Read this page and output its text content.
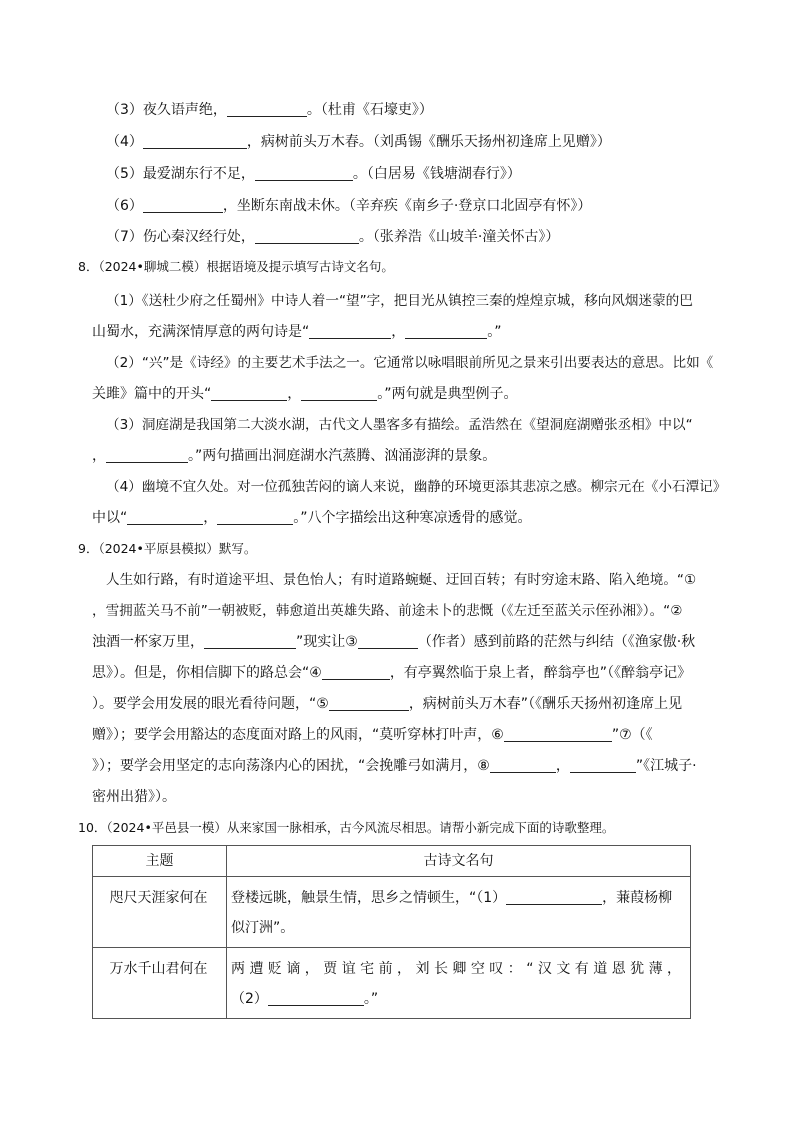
（3）夜久语声绝，	。（杜甫《石壕吏》）
（4）	，病树前头万木春。（刘禹锡《酬乐天扬州初逢席上见赠》）
（5）最爱湖东行不足，	。（白居易《钱塘湖春行》）
（6）	，坐断东南战未休。（辛弃疾《南乡子·登京口北固亭有怀》）
（7）伤心秦汉经行处，	。（张养浩《山坡羊·潼关怀古》）
8．（2024•聊城二模）根据语境及提示填写古诗文名句。
（1）《送杜少府之任蜀州》中诗人着一“望”字，把目光从镇控三秦的煌煌京城，移向风烟迷蒙的巴
山蜀水，充满深情厚意的两句诗是“	，	。”
（2）“兴”是《诗经》的主要艺术手法之一。它通常以咏唱眼前所见之景来引出要表达的意思。比如《
关雎》篇中的开头“	，	。”两句就是典型例子。
（3）洞庭湖是我国第二大淡水湖，古代文人墨客多有描绘。孟浩然在《望洞庭湖赠张丞相》中以“
，	。”两句描画出洞庭湖水汽蒸腾、汹涌澎湃的景象。
（4）幽境不宜久处。对一位孤独苦闷的谪人来说，幽静的环境更添其悲凉之感。柳宗元在《小石潭记》
中以“	，	。”八个字描绘出这种寒凉透骨的感觉。
9．（2024•平原县模拟）默写。
人生如行路，有时道途平坦、景色怡人；有时道路蜿蜒、迂回百转；有时穷途末路、陷入绝境。“①
，雪拥蓝关马不前”一朝被贬，韩愈道出英雄失路、前途未卜的悲慨（《左迁至蓝关示侄孙湘》）。“②
浊酒一杯家万里，	”现实让③	（作者）感到前路的茫然与纠结（《渔家傲·秋
思》）。但是，你相信脚下的路总会“④	，有亭翼然临于泉上者，醉翁亭也”（《醉翁亭记》
）。要学会用发展的眼光看待问题，“⑤	，病树前头万木春”（《酬乐天扬州初逢席上见
赠》）；要学会用豁达的态度面对路上的风雨，“莫听穿林打叶声，⑥	”⑦（《
》）；要学会用坚定的志向荡涤内心的困扰，“会挽雕弓如满月，⑧	，	”《江城子·
密州出猎》）。
10．（2024•平邑县一模）从来家国一脉相承，古今风流尽相思。请帮小新完成下面的诗歌整理。
主题	古诗文名句

咫尺天涯家何在	登楼远眺，触景生情，思乡之情顿生，“（1） ，蒹葭杨柳似汀洲”。

万水千山君何在	两 遭 贬 谪 ， 贾 谊 宅 前 ， 刘 长 卿 空 叹 ： “ 汉 文 有 道 恩 犹 薄 ，
（2） 。”
